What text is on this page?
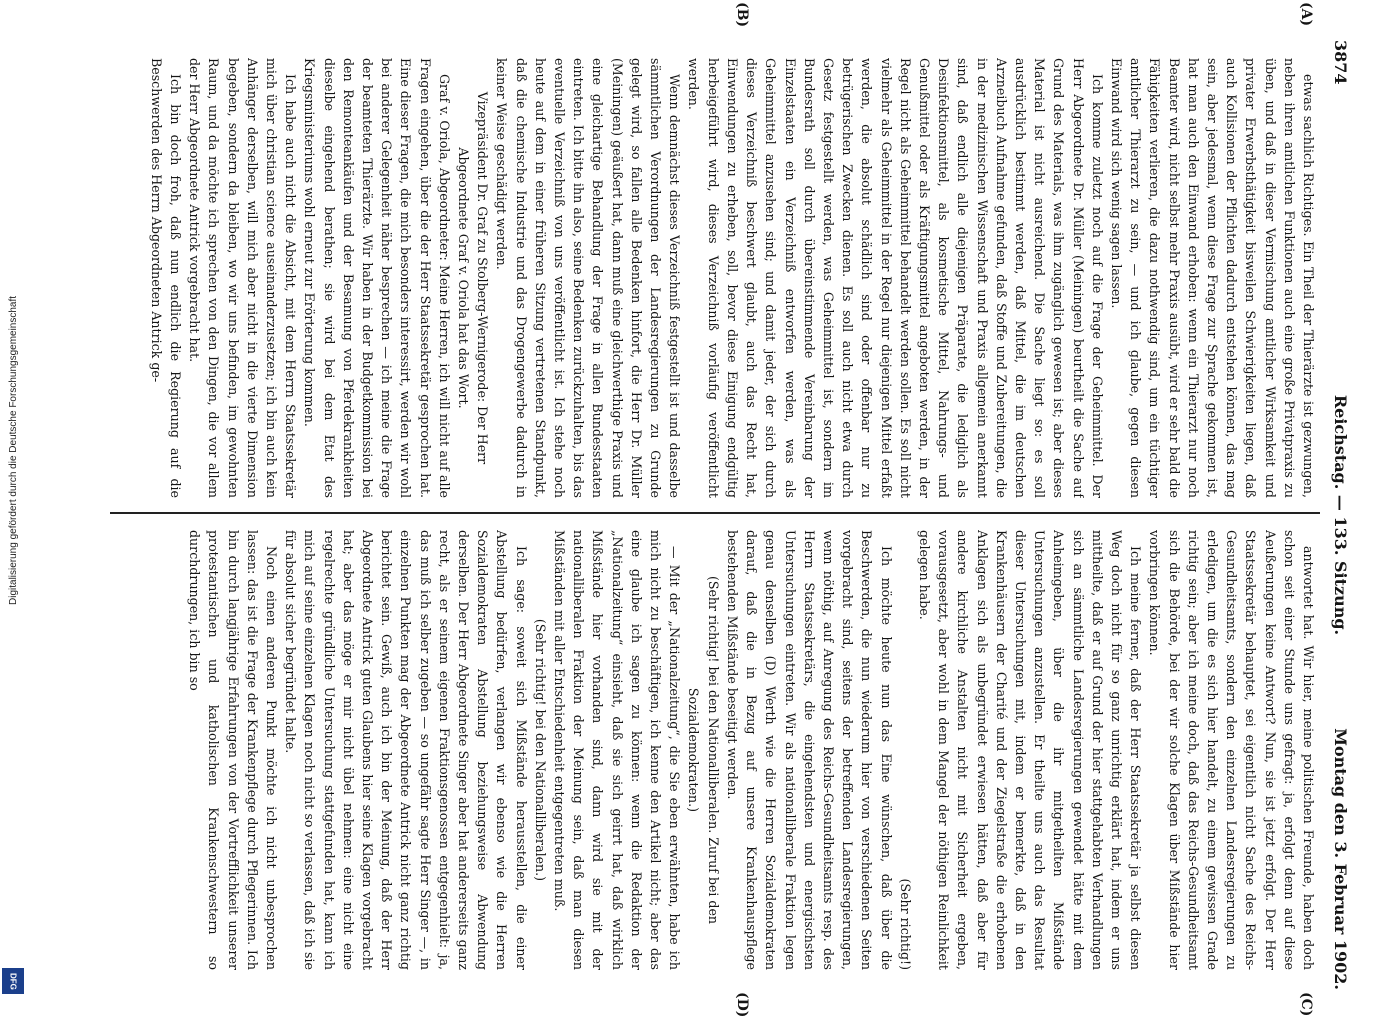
3874
Reichstag. — 133. Sitzung.
Montag den 3. Februar 1902.
(A)
(B)
(C)
(D)

etwas sachlich Richtiges. Ein Theil der Thierärzte ist gezwungen, neben ihren amtlichen Funktionen auch eine große Privatpraxis zu üben, und daß in dieser Vermischung amtlicher Wirksamkeit und privater Erwerbsthätigkeit bisweilen Schwierigkeiten liegen, daß auch Kollisionen der Pflichten dadurch entstehen können, das mag sein, aber jedesmal, wenn diese Frage zur Sprache gekommen ist, hat man auch den Einwand erhoben: wenn ein Thierarzt nur noch Beamter wird, nicht selbst mehr Praxis ausübt, wird er sehr bald die Fähigkeiten verlieren, die dazu nothwendig sind, um ein tüchtiger amtlicher Thierarzt zu sein, — und ich glaube, gegen diesen Einwand wird sich wenig sagen lassen.

Ich komme zuletzt noch auf die Frage der Geheimmittel. Der Herr Abgeordnete Dr. Müller (Meiningen) beurtheilt die Sache auf Grund des Materials, was ihm zugänglich gewesen ist; aber dieses Material ist nicht ausreichend. Die Sache liegt so: es soll ausdrücklich bestimmt werden, daß Mittel, die im deutschen Arzneibuch Aufnahme gefunden, daß Stoffe und Zubereitungen, die in der medizinischen Wissenschaft und Praxis allgemein anerkannt sind, daß endlich alle diejenigen Präparate, die lediglich als Desinfektionsmittel, als kosmetische Mittel, Nahrungs- und Genußmittel oder als Kräftigungsmittel angeboten werden, in der Regel nicht als Geheimmittel behandelt werden sollen. Es soll nicht vielmehr als Geheimmittel in der Regel nur diejenigen Mittel erfaßt werden, die absolut schädlich sind oder offenbar nur zu betrügerischen Zwecken dienen. Es soll auch nicht etwa durch Gesetz festgestellt werden, was Geheimmittel ist, sondern im Bundesrath soll durch übereinstimmende Vereinbarung der Einzelstaaten ein Verzeichniß entworfen werden, was als Geheimmittel anzusehen sind; und damit jeder, der sich durch dieses Verzeichniß beschwert glaubt, auch das Recht hat, Einwendungen zu erheben, soll, bevor diese Einigung endgültig herbeigeführt wird, dieses Verzeichniß vorläufig veröffentlicht werden.

Wenn demnächst dieses Verzeichniß festgestellt ist und dasselbe sämmtlichen Verordnungen der Landesregierungen zu Grunde gelegt wird, so fallen alle Bedenken hinfort, die Herr Dr. Müller (Meiningen) geäußert hat, dann muß eine gleichwerthige Praxis und eine gleichartige Behandlung der Frage in allen Bundesstaaten eintreten. Ich bitte ihn also, seine Bedenken zurückzuhalten, bis das eventuelle Verzeichniß von uns veröffentlicht ist. Ich stehe noch heute auf dem in einer früheren Sitzung vertretenen Standpunkt, daß die chemische Industrie und das Drogengewerbe dadurch in keiner Weise geschädigt werden.

Vizepräsident Dr. Graf zu Stolberg-Wernigerode: Der Herr Abgeordnete Graf v. Oriola hat das Wort.

Graf v. Oriola, Abgeordneter: Meine Herren, ich will nicht auf alle Fragen eingehen, über die der Herr Staatssekretär gesprochen hat. Eine dieser Fragen, die mich besonders interessirt, werden wir wohl bei anderer Gelegenheit näher besprechen — ich meine die Frage der beamteten Thierärzte. Wir haben in der Budgetkommission bei den Remonteankäufen und der Besamung von Pferdekrankheiten dieselbe eingehend berathen; sie wird bei dem Etat des Kriegsministeriums wohl erneut zur Erörterung kommen.

Ich habe auch nicht die Absicht, mit dem Herrn Staatssekretär mich über christian science auseinanderzusetzen; ich bin auch kein Anhänger derselben, will mich aber nicht in die vierte Dimension begeben, sondern da bleiben, wo wir uns befinden, im gewohnten Raum, und da möchte ich sprechen von den Dingen, die vor allem der Herr Abgeordnete Antrick vorgebracht hat.

Ich bin doch froh, daß nun endlich die Regierung auf die Beschwerden des Herrn Abgeordneten Antrick ge-

antwortet hat. Wir hier, meine politischen Freunde, haben doch schon seit einer Stunde uns gefragt: ja, erfolgt denn auf diese Aeußerungen keine Antwort? Nun, sie ist jetzt erfolgt. Der Herr Staatssekretär behauptet, sei eigentlich nicht Sache des Reichs-Gesundheitsamts, sondern den einzelnen Landesregierungen zu erledigen, um die es sich hier handelt, zu einem gewissen Grade richtig sein; aber ich meine doch, daß das Reichs-Gesundheitsamt sich die Behörde, bei der wir solche Klagen über Mißstände hier vorbringen können.

Ich meine ferner, daß der Herr Staatssekretär ja selbst diesen Weg doch nicht für so ganz unrichtig erklärt hat, indem er uns mittheilte, daß er auf Grund der hier stattgehabten Verhandlungen sich an sämmtliche Landesregierungen gewendet hätte mit dem Anheimgeben, über die ihr mitgetheilten Mißstände Untersuchungen anzustellen. Er theilte uns auch das Resultat dieser Untersuchungen mit, indem er bemerkte, daß in den Krankenhäusern der Charité und der Ziegelstraße die erhobenen Anklagen sich als unbegründet erwiesen hätten, daß aber für andere kirchliche Anstalten nicht mit Sicherheit ergeben, vorausgesetzt, aber wohl in dem Mangel der nöthigen Reinlichkeit gelegen habe.

(Sehr richtig!)

Ich möchte heute nun das Eine wünschen, daß über die Beschwerden, die nun wiederum hier von verschiedenen Seiten vorgebracht sind, seitens der betreffenden Landesregierungen, wenn nöthig, auf Anregung des Reichs-Gesundheitsamts resp. des Herrn Staatssekretärs, die eingehendsten und energischsten Untersuchungen eintreten. Wir als nationalliberale Fraktion legen genau denselben (D) Werth wie die Herren Sozialdemokraten darauf, daß die in Bezug auf unsere Krankenhauspflege bestehenden Mißstände beseitigt werden.

(Sehr richtig! bei den Nationalliberalen. Zuruf bei den Sozialdemokraten.)

— Mit der „Nationalzeitung“, die Sie eben erwähnten, habe ich mich nicht zu beschäftigen, ich kenne den Artikel nicht; aber das eine glaube ich sagen zu können: wenn die Redaktion der „Nationalzeitung“ einsieht, daß sie sich geirrt hat, daß wirklich Mißstände hier vorhanden sind, dann wird sie mit der nationalliberalen Fraktion der Meinung sein, daß man diesen Mißständen mit aller Entschiedenheit entgegentreten muß.

(Sehr richtig! bei den Nationalliberalen.)

Ich sage: soweit sich Mißstände herausstellen, die einer Abstellung bedürfen, verlangen wir ebenso wie die Herren Sozialdemokraten Abstellung beziehungsweise Abwendung derselben. Der Herr Abgeordnete Singer aber hat andererseits ganz recht, als er seinem eigenen Fraktionsgenossen entgegenhielt: ja, das muß ich selber zugeben — so ungefähr sagte Herr Singer —, in einzelnen Punkten mag der Abgeordnete Antrick nicht ganz richtig berichtet sein. Gewiß, auch ich bin der Meinung, daß der Herr Abgeordnete Antrick guten Glaubens hier seine Klagen vorgebracht hat; aber das möge er mir nicht übel nehmen: eine nicht eine regelrechte gründliche Untersuchung stattgefunden hat, kann ich mich auf seine einzelnen Klagen noch nicht so verlassen, daß ich sie für absolut sicher begründet halte.

Noch einen anderen Punkt möchte ich nicht unbesprochen lassen: das ist die Frage der Krankenpflege durch Pflegerinnen. Ich bin durch langjährige Erfahrungen von der Vortrefflichkeit unserer protestantischen und katholischen Krankenschwestern so durchdrungen, ich bin so

Digitalisierung gefördert durch die Deutsche Forschungsgemeinschaft
DFG
